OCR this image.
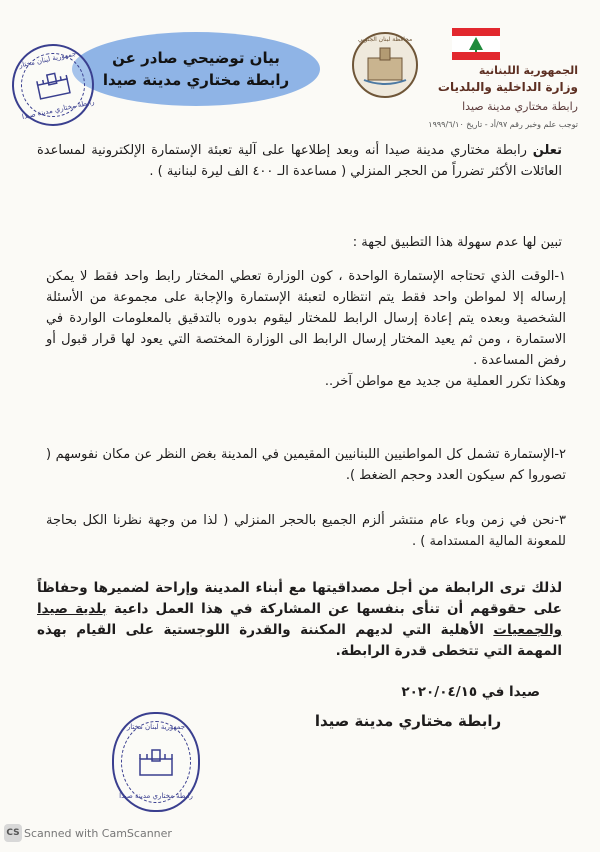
بيان توضيحي صادر عن
رابطة مختاري مدينة صيدا
جمهورية لبنان مختار
رابطة مختاري مدينة صيدا
محافظة لبنان الجنوبي
الجمهورية اللبنانية
وزارة الداخلية والبلديات
رابطة مختاري مدينة صيدا
توجب علم وخبر رقم ٩٧/أد - تاريخ ١٩٩٩/٦/١٠
تعلن رابطة مختاري مدينة صيدا أنه وبعد إطلاعها على آلية تعبئة الإستمارة الإلكترونية لمساعدة العائلات الأكثر تضرراً من الحجر المنزلي ( مساعدة الـ ٤٠٠ الف ليرة لبنانية ) .
تبين لها عدم سهولة هذا التطبيق لجهة :
١-الوقت الذي تحتاجه الإستمارة الواحدة ، كون الوزارة تعطي المختار رابط واحد فقط لا يمكن إرساله إلا لمواطن واحد فقط يتم انتظاره لتعبئة الإستمارة والإجابة على مجموعة من الأسئلة الشخصية وبعده يتم إعادة إرسال الرابط للمختار ليقوم بدوره بالتدقيق بالمعلومات الواردة في الاستمارة ، ومن ثم يعيد المختار إرسال الرابط الى الوزارة المختصة التي يعود لها قرار قبول أو رفض المساعدة .
وهكذا تكرر العملية من جديد مع مواطن آخر..
٢-الإستمارة تشمل كل المواطنيين اللبنانيين المقيمين في المدينة بغض النظر عن مكان نفوسهم ( تصوروا كم سيكون العدد وحجم الضغط ).
٣-نحن في زمن وباء عام منتشر ألزم الجميع بالحجر المنزلي ( لذا من وجهة نظرنا الكل بحاجة للمعونة المالية المستدامة ) .
لذلك ترى الرابطة من أجل مصداقيتها مع أبناء المدينة وإراحة لضميرها وحفاظاً على حقوقهم أن تنأى بنفسها عن المشاركة في هذا العمل داعية بلدية صيدا والجمعيات الأهلية التي لديهم المكننة والقدرة اللوجستية على القيام بهذه المهمة التي تتخطى قدرة الرابطة.
صيدا في ٢٠٢٠/٠٤/١٥
رابطة مختاري مدينة صيدا
جمهورية لبنان مختار
رابطة مختاري مدينة صيدا
CS Scanned with CamScanner
